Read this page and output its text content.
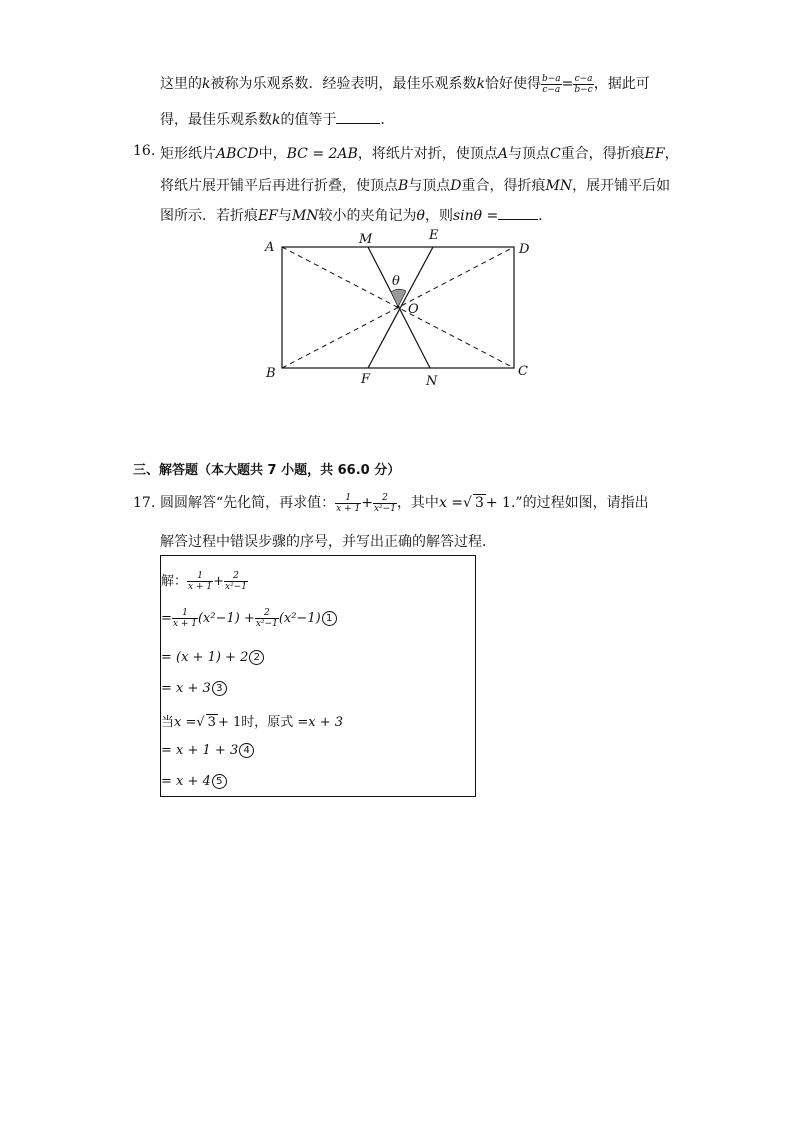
这里的k被称为乐观系数．经验表明，最佳乐观系数k恰好使得 $\frac{b-a}{c-a} = \frac{c-a}{b-c}$ ，据此可
得，最佳乐观系数k的值等于	．
16. 矩形纸片ABCD中，BC = 2AB，将纸片对折，使顶点A与顶点C重合，得折痕EF，
将纸片展开铺平后再进行折叠，使顶点B与顶点D重合，得折痕MN，展开铺平后如
图所示．若折痕EF与MN较小的夹角记为θ，则sinθ =	．
A
B	C
D
M	E
F	N
O
θ
三、解答题（本大题共 7 小题，共 66.0 分）
17. 圆圆解答“先化简，再求值： $\frac{1}{x + 1} + \frac{2}{\text{x²−1}}$ ，其中x =√ 3 + 1.”的过程如图，请指出
解答过程中错误步骤的序号，并写出正确的解答过程．
解： $\frac{1}{x + 1} + \frac{2}{\text{x²−1}}$
= $\frac{1}{x + 1} (x^2-1) + \frac{2}{\text{x²−1}} (x^2-1)$ 1
= (x + 1) + 2 2
= x + 3 3
当x =√ 3 + 1时，原式 =x + 3
= x + 1 + 3 4
= x + 4 5
